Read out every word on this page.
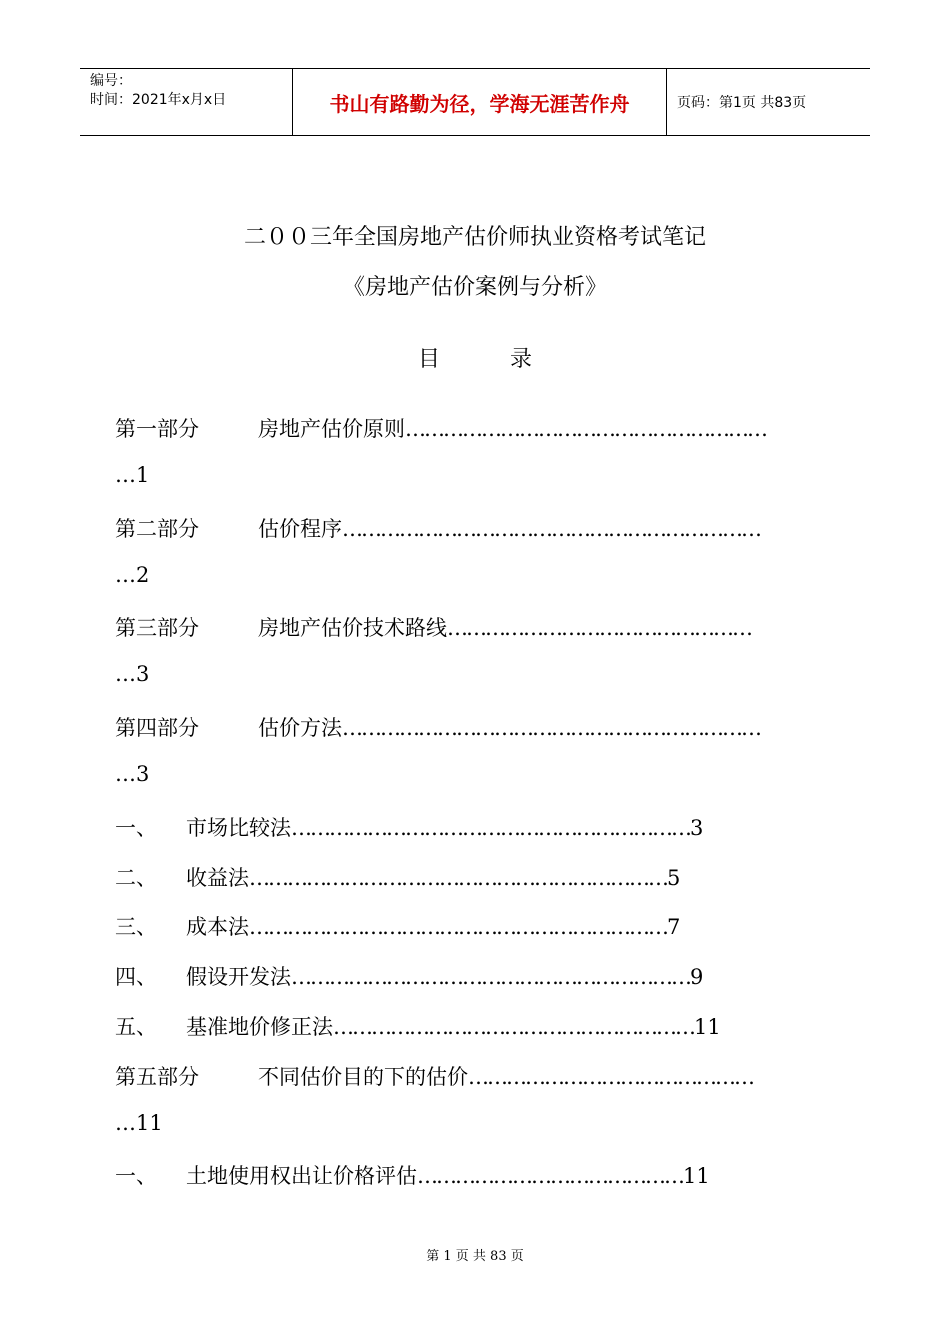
编号：
时间：2021年x月x日	书山有路勤为径，学海无涯苦作舟	页码：第1页 共83页
二００三年全国房地产估价师执业资格考试笔记
《房地产估价案例与分析》
目          录
第一部分	房地产估价原则…………………………………………………
…1
第二部分	估价程序…………………………………………………………
…2
第三部分	房地产估价技术路线…………………………………………
…3
第四部分	估价方法…………………………………………………………
…3
一、 市场比较法………………………………………………………3
二、 收益法…………………………………………………………5
三、 成本法…………………………………………………………7
四、 假设开发法………………………………………………………9
五、 基准地价修正法…………………………………………………11
第五部分	不同估价目的下的估价………………………………………
…11
一、 土地使用权出让价格评估……………………………………11
第 1 页 共 83 页
